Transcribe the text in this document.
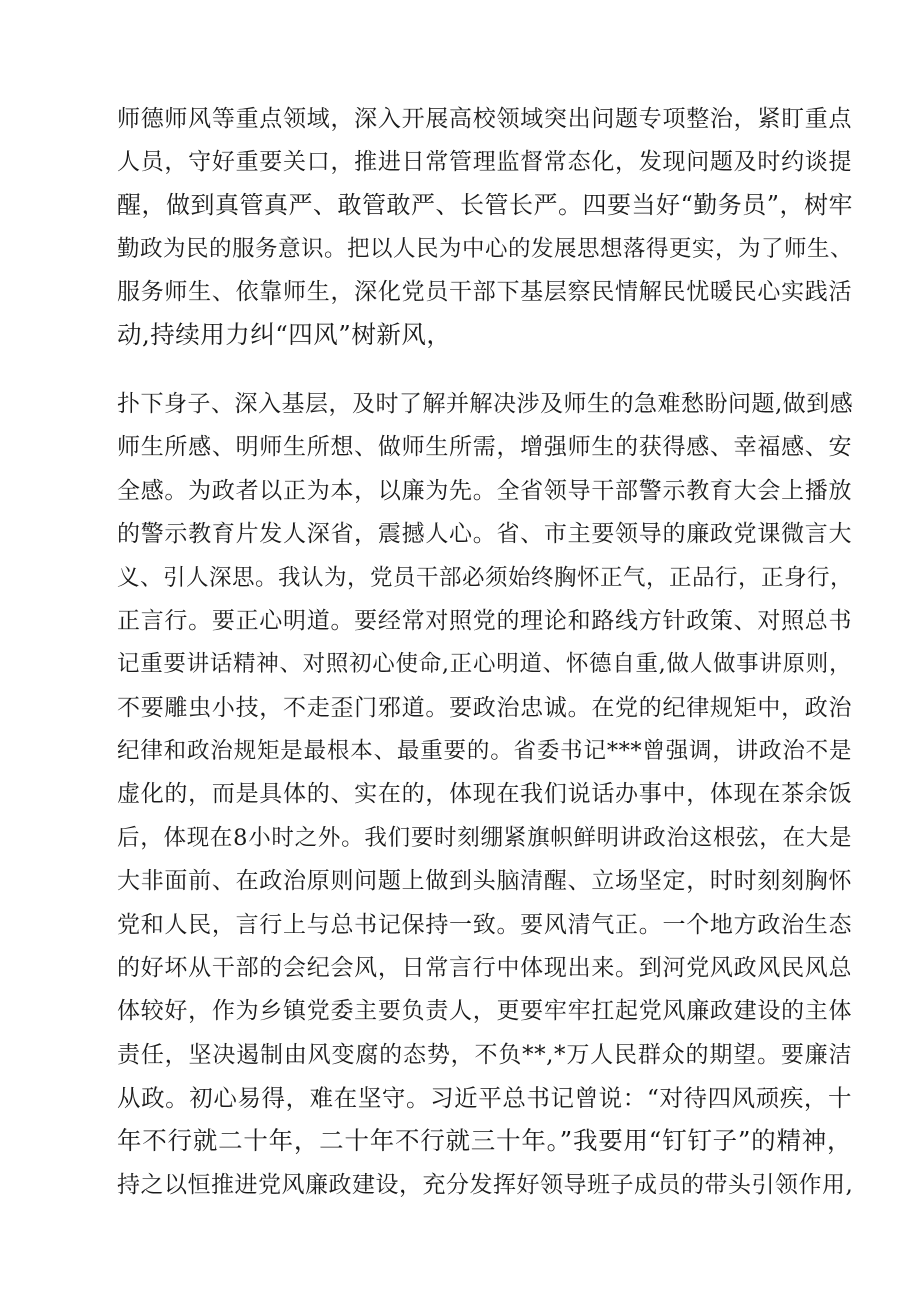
师德师风等重点领域，深入开展高校领域突出问题专项整治，紧盯重点

人员，守好重要关口，推进日常管理监督常态化，发现问题及时约谈提

醒，做到真管真严、敢管敢严、长管长严。四要当好“勤务员”，树牢

勤政为民的服务意识。把以人民为中心的发展思想落得更实，为了师生、

服务师生、依靠师生，深化党员干部下基层察民情解民忧暖民心实践活

动,持续用力纠“四风”树新风，

扑下身子、深入基层，及时了解并解决涉及师生的急难愁盼问题,做到感

师生所感、明师生所想、做师生所需，增强师生的获得感、幸福感、安

全感。为政者以正为本，以廉为先。全省领导干部警示教育大会上播放

的警示教育片发人深省，震撼人心。省、市主要领导的廉政党课微言大

义、引人深思。我认为，党员干部必须始终胸怀正气，正品行，正身行，

正言行。要正心明道。要经常对照党的理论和路线方针政策、对照总书

记重要讲话精神、对照初心使命,正心明道、怀德自重,做人做事讲原则，

不要雕虫小技，不走歪门邪道。要政治忠诚。在党的纪律规矩中，政治

纪律和政治规矩是最根本、最重要的。省委书记***曾强调，讲政治不是

虚化的，而是具体的、实在的，体现在我们说话办事中，体现在茶余饭

后，体现在8小时之外。我们要时刻绷紧旗帜鲜明讲政治这根弦，在大是

大非面前、在政治原则问题上做到头脑清醒、立场坚定，时时刻刻胸怀

党和人民，言行上与总书记保持一致。要风清气正。一个地方政治生态

的好坏从干部的会纪会风，日常言行中体现出来。到河党风政风民风总

体较好，作为乡镇党委主要负责人，更要牢牢扛起党风廉政建设的主体

责任，坚决遏制由风变腐的态势，不负**,*万人民群众的期望。要廉洁

从政。初心易得，难在坚守。习近平总书记曾说：“对待四风顽疾，十

年不行就二十年，二十年不行就三十年。”我要用“钉钉子”的精神，

持之以恒推进党风廉政建设，充分发挥好领导班子成员的带头引领作用,
